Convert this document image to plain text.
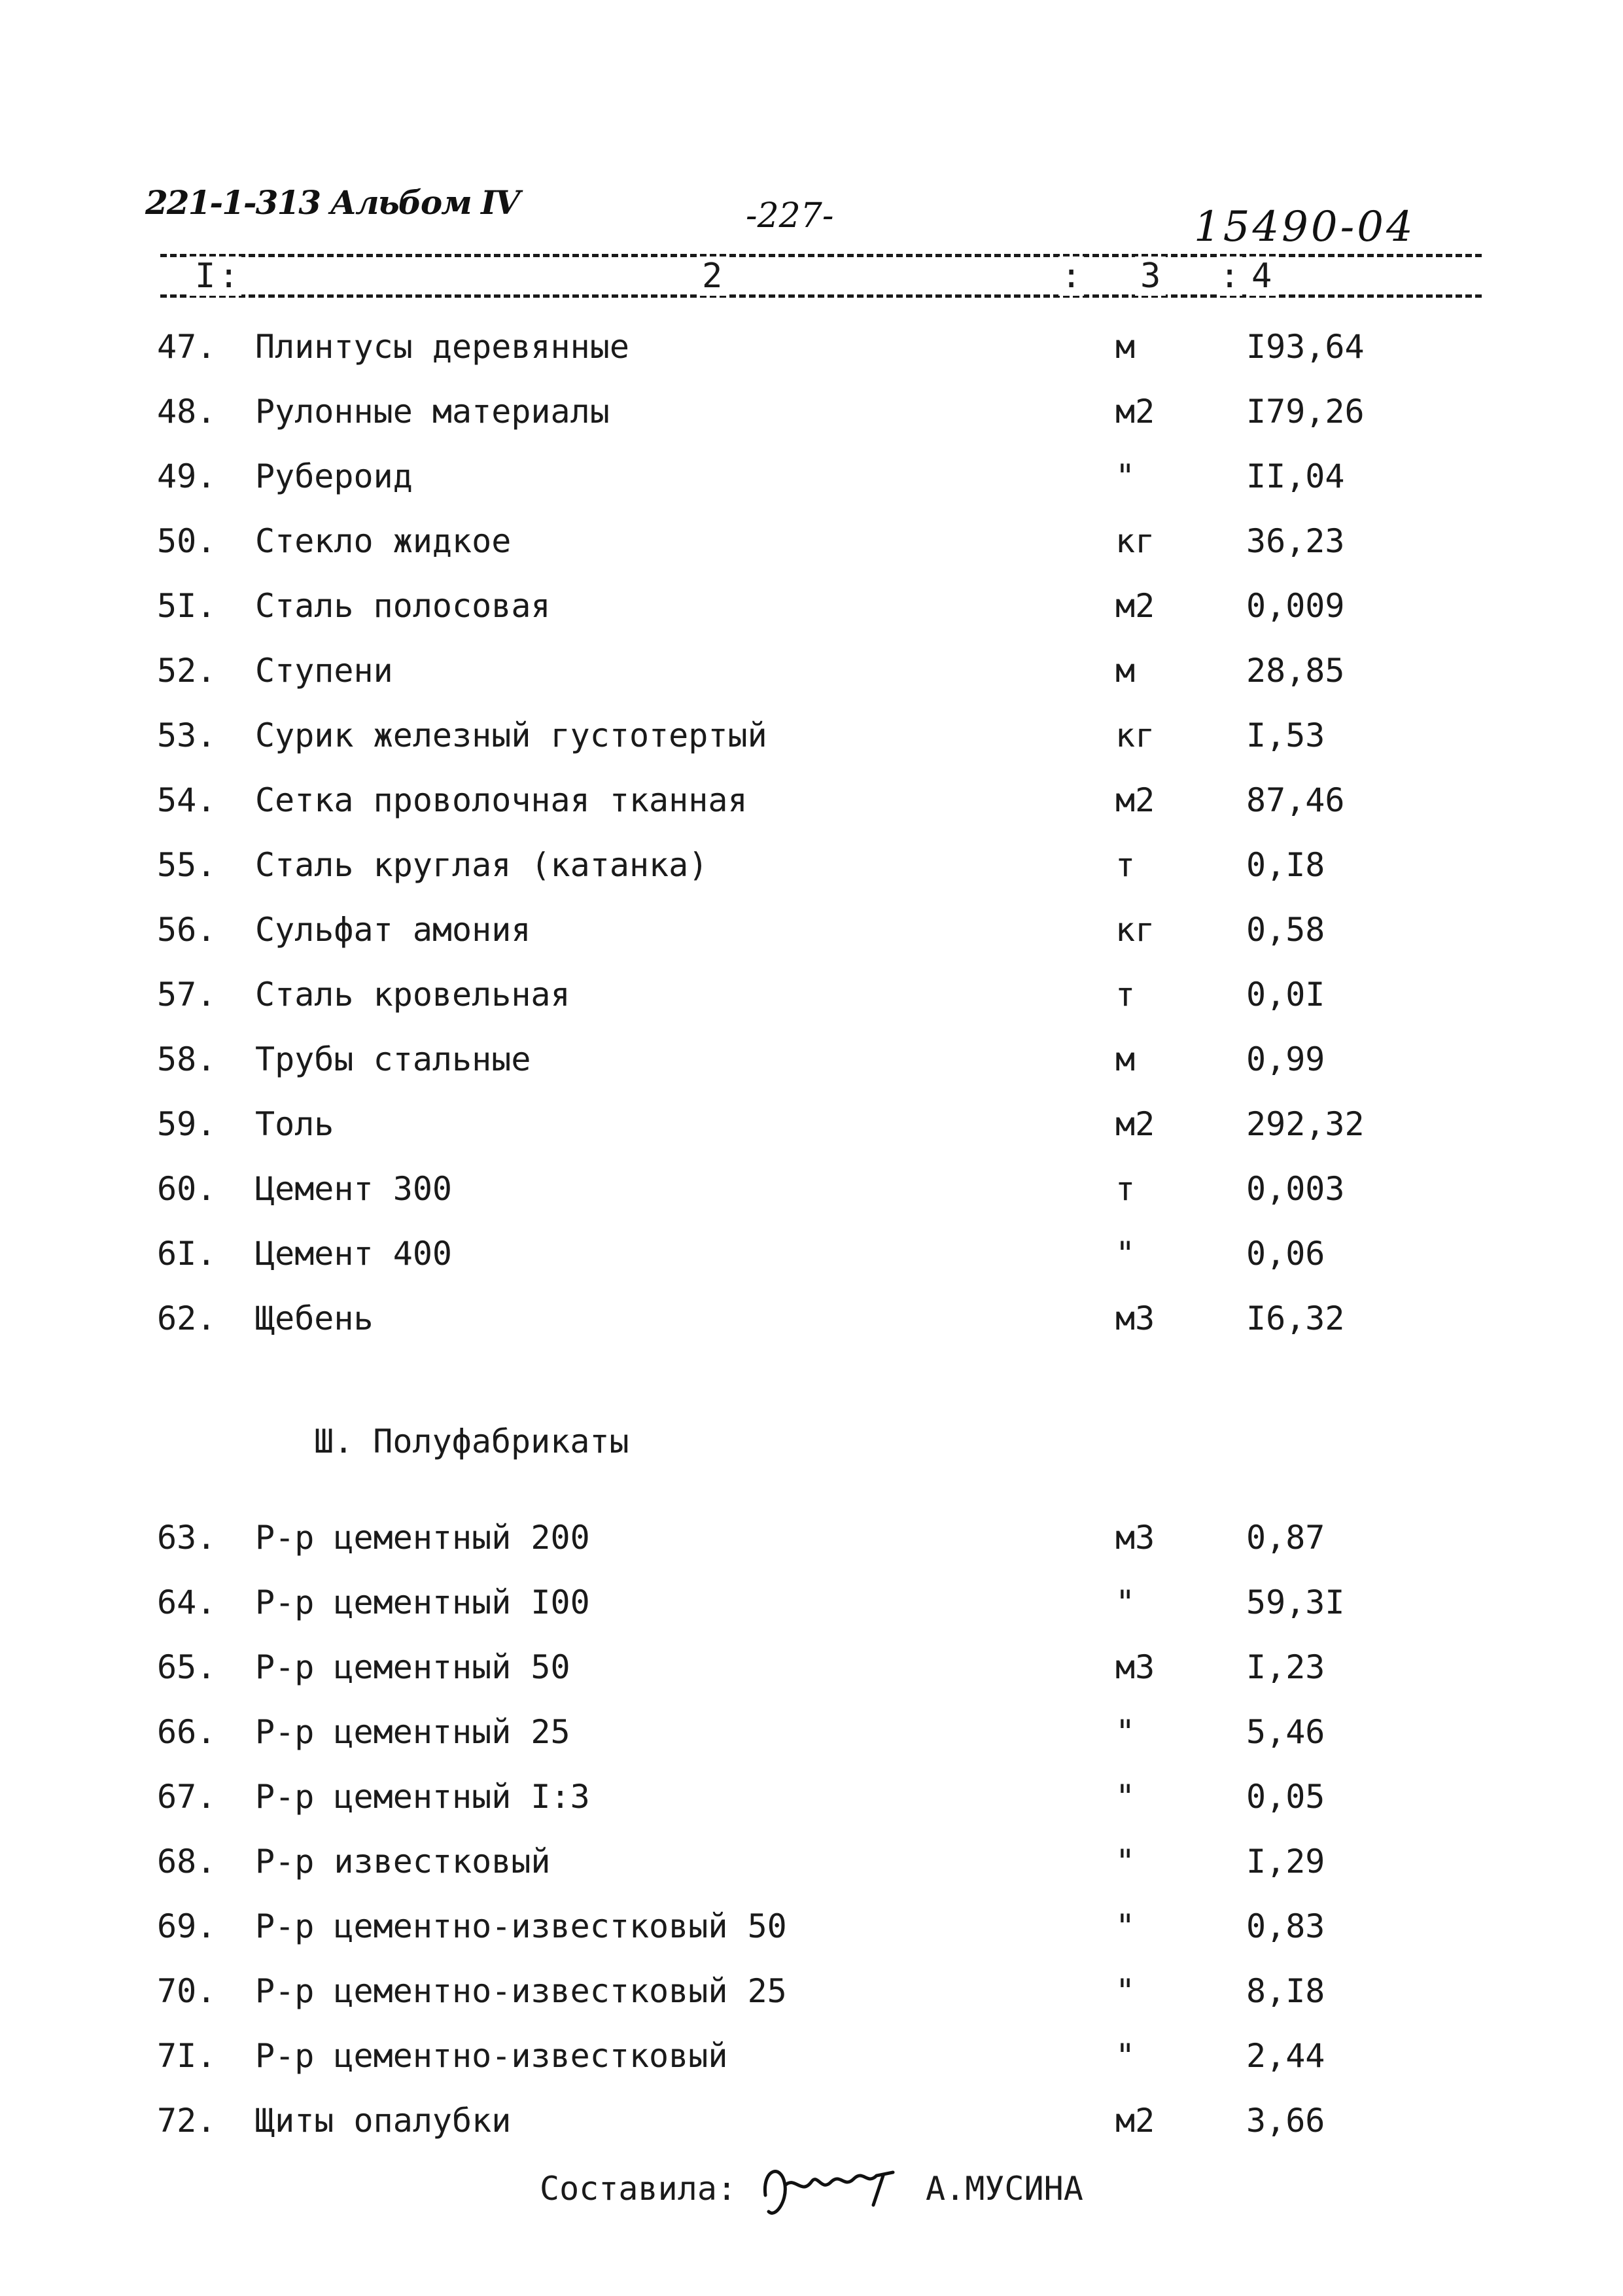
221-1-313 Альбом IV	-227-	15490-04
I :	2	: 3 : 4
47. Плинтусы деревянные	м	I93,64
48. Рулонные материалы	м2	I79,26
49. Рубероид	"	II,04
50. Стекло жидкое	кг	36,23
5I. Сталь полосовая	м2	0,009
52. Ступени	м	28,85
53. Сурик железный густотертый	кг	I,53
54. Сетка проволочная тканная	м2	87,46
55. Сталь круглая (катанка)	т	0,I8
56. Сульфат амония	кг	0,58
57. Сталь кровельная	т	0,0I
58. Трубы стальные	м	0,99
59. Толь	м2	292,32
60. Цемент 300	т	0,003
6I. Цемент 400	"	0,06
62. Щебень	м3	I6,32
Ш. Полуфабрикаты
63. Р-р цементный 200	м3	0,87
64. Р-р цементный I00	"	59,3I
65. Р-р цементный 50	м3	I,23
66. Р-р цементный 25	"	5,46
67. Р-р цементный I:3	"	0,05
68. Р-р известковый	"	I,29
69. Р-р цементно-известковый 50	"	0,83
70. Р-р цементно-известковый 25	"	8,I8
7I. Р-р цементно-известковый	"	2,44
72. Щиты опалубки	м2	3,66
Составила:	А.МУСИНА
